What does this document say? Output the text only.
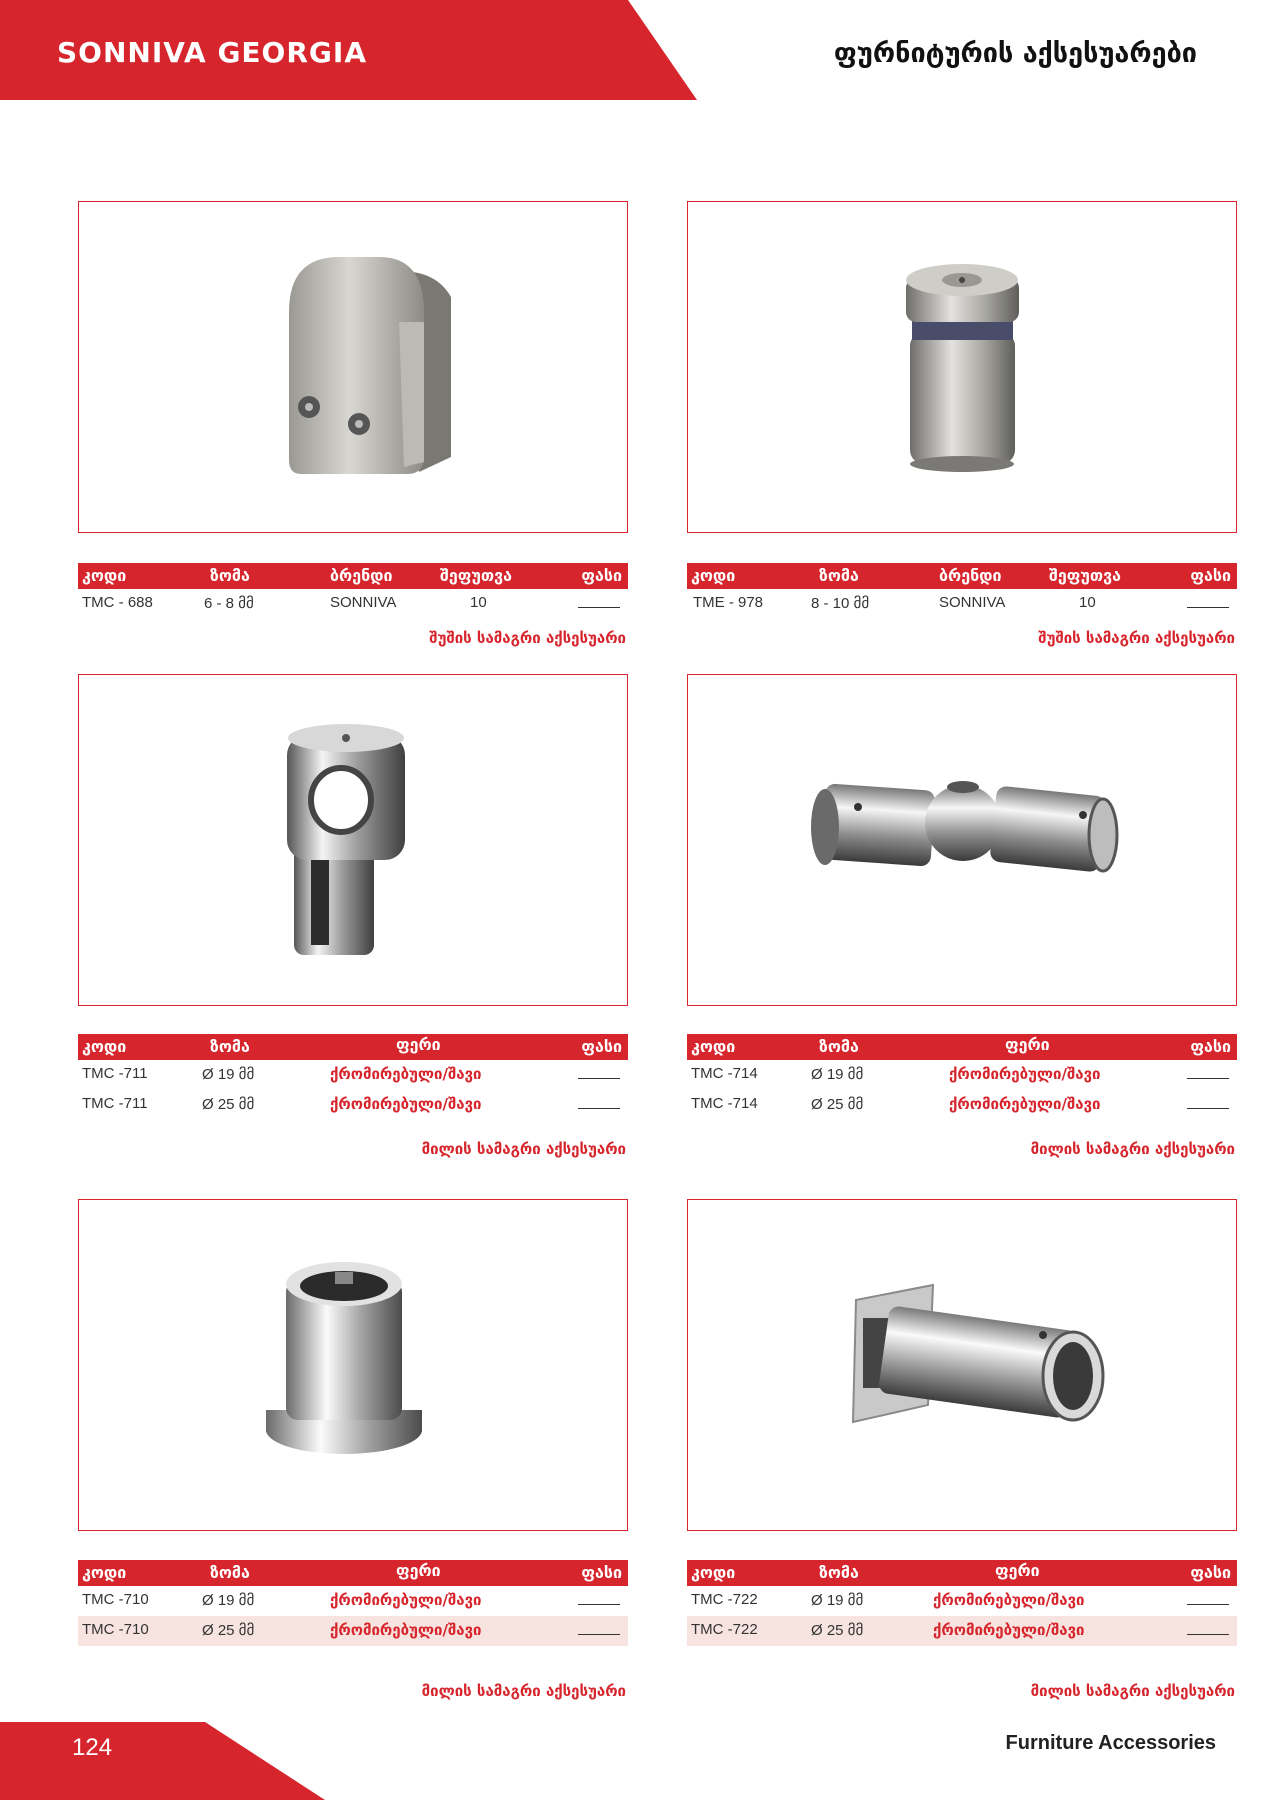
SONNIVA GEORGIA	ფურნიტურის აქსესუარები
კოდი	ზომა	ბრენდი	შეფუთვა	ფასი
TMC - 688	6 - 8 მმ	SONNIVA	10
შუშის სამაგრი აქსესუარი
კოდი	ზომა	ბრენდი	შეფუთვა	ფასი
TME - 978	8 - 10 მმ	SONNIVA	10
შუშის სამაგრი აქსესუარი
კოდი	ზომა	ფერი	ფასი
TMC -711	Ø 19 მმ	ქრომირებული/შავი
TMC -711	Ø 25 მმ	ქრომირებული/შავი
მილის სამაგრი აქსესუარი
კოდი	ზომა	ფერი	ფასი
TMC -714	Ø 19 მმ	ქრომირებული/შავი
TMC -714	Ø 25 მმ	ქრომირებული/შავი
მილის სამაგრი აქსესუარი
კოდი	ზომა	ფერი	ფასი
TMC -710	Ø 19 მმ	ქრომირებული/შავი
TMC -710	Ø 25 მმ	ქრომირებული/შავი
მილის სამაგრი აქსესუარი
კოდი	ზომა	ფერი	ფასი
TMC -722	Ø 19 მმ	ქრომირებული/შავი
TMC -722	Ø 25 მმ	ქრომირებული/შავი
მილის სამაგრი აქსესუარი
124	Furniture Accessories
